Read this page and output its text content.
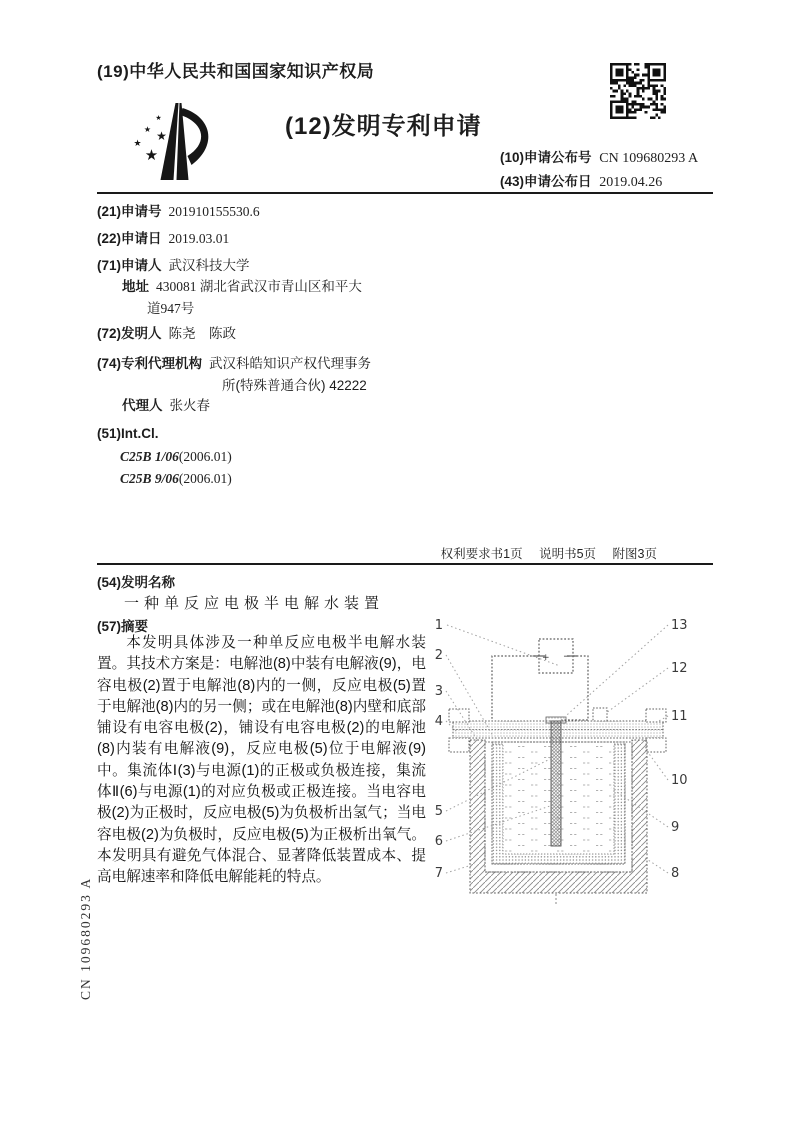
(19)中华人民共和国国家知识产权局
★
★ ★
★
★
(12)发明专利申请
(10)申请公布号 CN 109680293 A
(43)申请公布日 2019.04.26
(21)申请号 201910155530.6
(22)申请日 2019.03.01
(71)申请人 武汉科技大学
地址 430081 湖北省武汉市青山区和平大
道947号
(72)发明人 陈尧　陈政
(74)专利代理机构 武汉科皓知识产权代理事务
所(特殊普通合伙) 42222
代理人 张火春
(51)Int.Cl.
C25B 1/06(2006.01)
C25B 9/06(2006.01)
权利要求书1页 说明书5页 附图3页
(54)发明名称
一种单反应电极半电解水装置
(57)摘要
本发明具体涉及一种单反应电极半电解水装置。其技术方案是：电解池(8)中装有电解液(9)，电容电极(2)置于电解池(8)内的一侧，反应电极(5)置于电解池(8)内的另一侧；或在电解池(8)内壁和底部铺设有电容电极(2)，铺设有电容电极(2)的电解池(8)内装有电解液(9)，反应电极(5)位于电解液(9)中。集流体Ⅰ(3)与电源(1)的正极或负极连接，集流体Ⅱ(6)与电源(1)的对应负极或正极连接。当电容电极(2)为正极时，反应电极(5)为负极析出氢气；当电容电极(2)为负极时，反应电极(5)为正极析出氧气。本发明具有避免气体混合、显著降低装置成本、提高电解速率和降低电解能耗的特点。
+ −
1
2
3
4
5
6
7	8
9
10
11
12
13
CN 109680293 A
